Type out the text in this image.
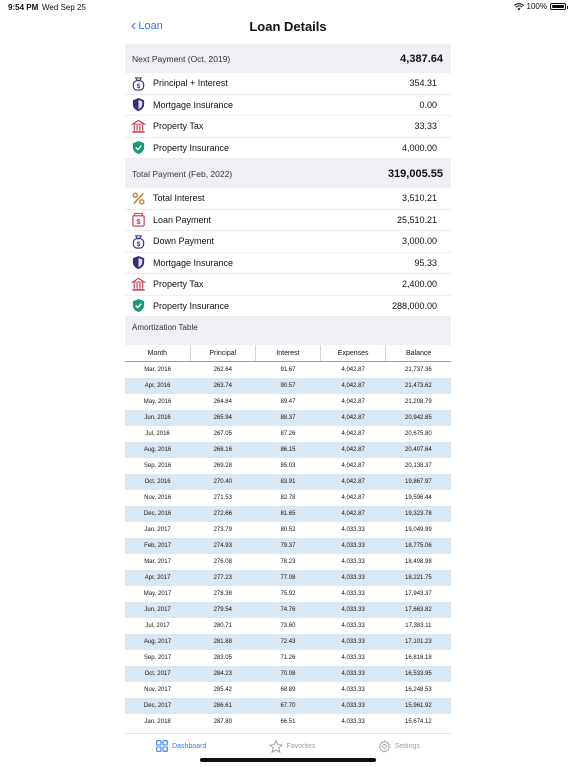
9:54 PM Wed Sep 25	100%
‹ Loan	Loan Details
Next Payment (Oct, 2019)	4,387.64
$ Principal + Interest	354.31
Mortgage Insurance	0.00
Property Tax	33.33
Property Insurance	4,000.00
Total Payment (Feb, 2022)	319,005.55
Total Interest	3,510.21
$ Loan Payment	25,510.21
$ Down Payment	3,000.00
Mortgage Insurance	95.33
Property Tax	2,400.00
Property Insurance	288,000.00
Amortization Table
Month	Principal	Interest	Expenses	Balance
Mar, 2016	262.64	91.67	4,042.87	21,737.36
Apr, 2016	263.74	90.57	4,042.87	21,473.62
May, 2016	264.84	89.47	4,042.87	21,208.79
Jun, 2016	265.94	88.37	4,042.87	20,942.85
Jul, 2016	267.05	87.26	4,042.87	20,675.80
Aug, 2016	268.16	86.15	4,042.87	20,407.64
Sep, 2016	269.28	85.03	4,042.87	20,138.37
Oct, 2016	270.40	83.91	4,042.87	19,867.97
Nov, 2016	271.53	82.78	4,042.87	19,596.44
Dec, 2016	272.66	81.65	4,042.87	19,323.78
Jan, 2017	273.79	80.52	4,033.33	19,049.99
Feb, 2017	274.93	79.37	4,033.33	18,775.06
Mar, 2017	276.08	78.23	4,033.33	18,498.98
Apr, 2017	277.23	77.08	4,033.33	18,221.75
May, 2017	278.38	75.92	4,033.33	17,943.37
Jun, 2017	279.54	74.76	4,033.33	17,663.82
Jul, 2017	280.71	73.60	4,033.33	17,383.11
Aug, 2017	281.88	72.43	4,033.33	17,101.23
Sep, 2017	283.05	71.26	4,033.33	16,818.18
Oct, 2017	284.23	70.08	4,033.33	16,533.95
Nov, 2017	285.42	68.89	4,033.33	16,248.53
Dec, 2017	286.61	67.70	4,033.33	15,961.92
Jan, 2018	287.80	66.51	4,033.33	15,674.12
Dashboard	Favorites	Settings
